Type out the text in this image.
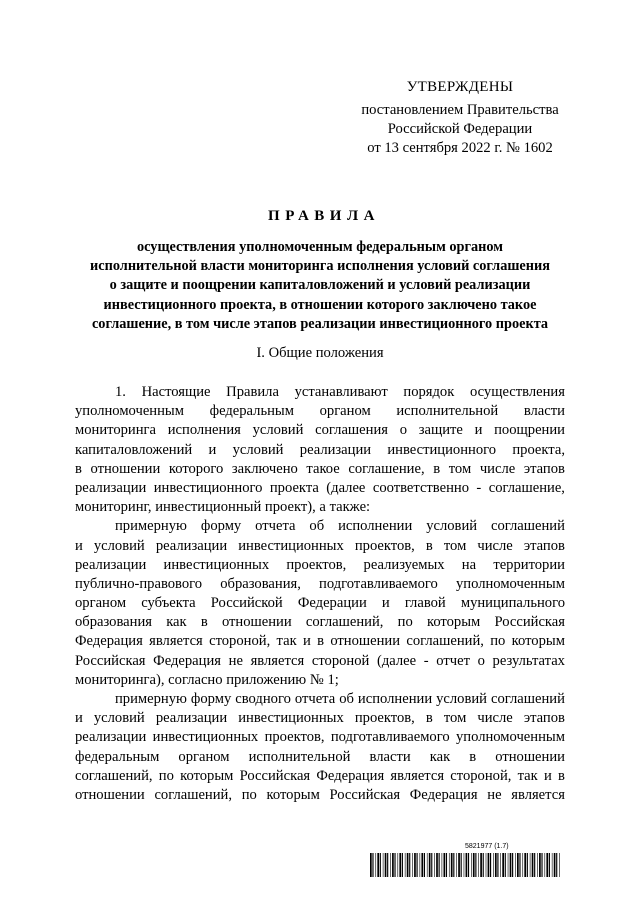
УТВЕРЖДЕНЫ
постановлением Правительства
Российской Федерации
от 13 сентября 2022 г. № 1602
ПРАВИЛА
осуществления уполномоченным федеральным органом
исполнительной власти мониторинга исполнения условий соглашения
о защите и поощрении капиталовложений и условий реализации
инвестиционного проекта, в отношении которого заключено такое
соглашение, в том числе этапов реализации инвестиционного проекта
I. Общие положения
1. Настоящие Правила устанавливают порядок осуществления
уполномоченным федеральным органом исполнительной власти
мониторинга исполнения условий соглашения о защите и поощрении
капиталовложений и условий реализации инвестиционного проекта,
в отношении которого заключено такое соглашение, в том числе этапов
реализации инвестиционного проекта (далее соответственно - соглашение,
мониторинг, инвестиционный проект), а также:
примерную форму отчета об исполнении условий соглашений
и условий реализации инвестиционных проектов, в том числе этапов
реализации инвестиционных проектов, реализуемых на территории
публично-правового образования, подготавливаемого уполномоченным
органом субъекта Российской Федерации и главой муниципального
образования как в отношении соглашений, по которым Российская
Федерация является стороной, так и в отношении соглашений, по которым
Российская Федерация не является стороной (далее - отчет о результатах
мониторинга), согласно приложению № 1;
примерную форму сводного отчета об исполнении условий соглашений
и условий реализации инвестиционных проектов, в том числе этапов
реализации инвестиционных проектов, подготавливаемого уполномоченным
федеральным органом исполнительной власти как в отношении
соглашений, по которым Российская Федерация является стороной, так и в
отношении соглашений, по которым Российская Федерация не является
5821977 (1.7)
